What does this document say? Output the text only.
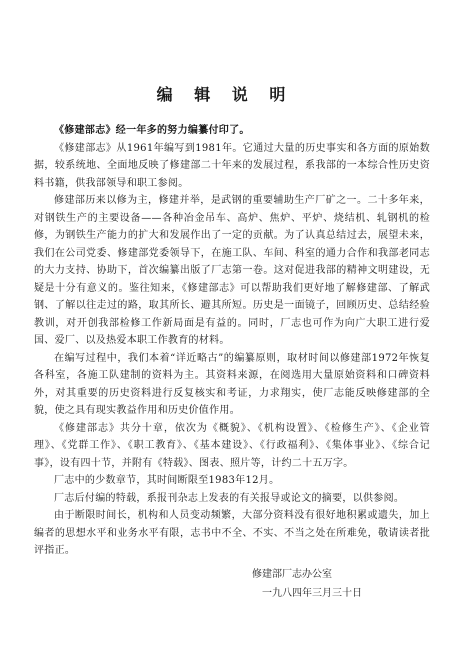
编 辑 说 明

《修建部志》经一年多的努力编纂付印了。

《修建部志》从1961年编写到1981年。它通过大量的历史事实和各方面的原始数据，较系统地、全面地反映了修建部二十年来的发展过程，系我部的一本综合性历史资料书籍，供我部领导和职工参阅。

修建部历来以修为主，修建并举，是武钢的重要辅助生产厂矿之一。二十多年来，对钢铁生产的主要设备——各种冶金吊车、高炉、焦炉、平炉、烧结机、轧钢机的检修，为钢铁生产能力的扩大和发展作出了一定的贡献。为了认真总结过去，展望未来，我们在公司党委、修建部党委领导下，在施工队、车间、科室的通力合作和我部老同志的大力支持、协助下，首次编纂出版了厂志第一卷。这对促进我部的精神文明建设，无疑是十分有意义的。鉴往知来，《修建部志》可以帮助我们更好地了解修建部、了解武钢、了解以往走过的路，取其所长、避其所短。历史是一面镜子，回顾历史、总结经验教训，对开创我部检修工作新局面是有益的。同时，厂志也可作为向广大职工进行爱国、爱厂、以及热爱本职工作教育的材料。

在编写过程中，我们本着“详近略古”的编纂原则，取材时间以修建部1972年恢复各科室，各施工队建制的资料为主。其资料来源，在阅选用大量原始资料和口碑资料外，对其重要的历史资料进行反复核实和考证，力求翔实，使厂志能反映修建部的全貌，使之具有现实教益作用和历史价值作用。

《修建部志》共分十章，依次为《概貌》、《机构设置》、《检修生产》、《企业管理》、《党群工作》、《职工教育》、《基本建设》、《行政福利》、《集体事业》、《综合记事》，设有四十节，并附有《特载》、图表、照片等，计约二十五万字。

厂志中的少数章节，其时间断限至1983年12月。

厂志后付编的特载，系报刊杂志上发表的有关报导或论文的摘要，以供参阅。

由于断限时间长，机构和人员变动频繁，大部分资料没有很好地积累或遗失，加上编者的思想水平和业务水平有限，志书中不全、不实、不当之处在所难免，敬请读者批评指正。

修建部厂志办公室
一九八四年三月三十日
